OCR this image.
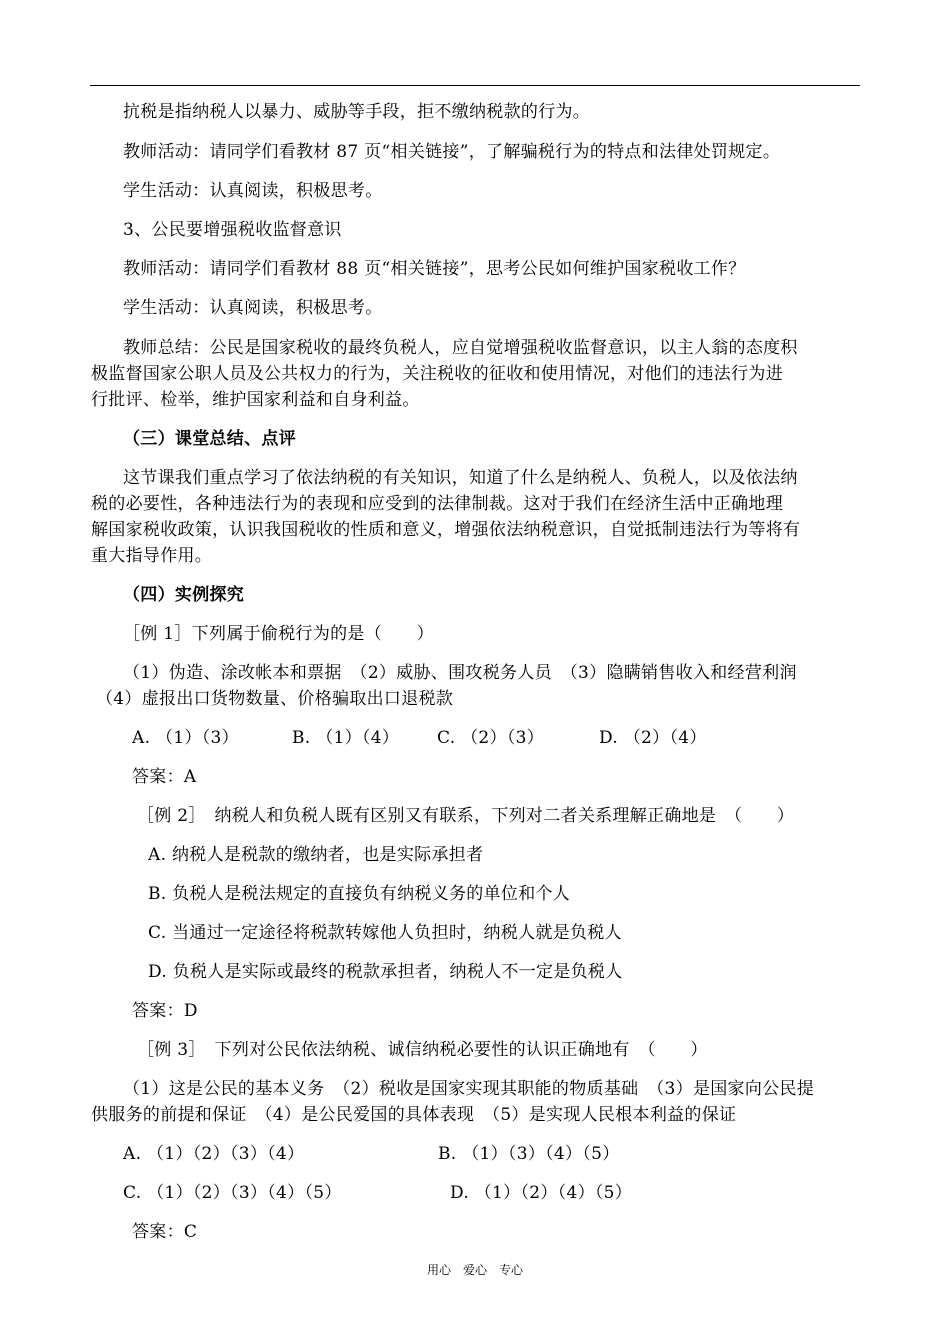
抗税是指纳税人以暴力、威胁等手段，拒不缴纳税款的行为。
教师活动：请同学们看教材 87 页“相关链接”，了解骗税行为的特点和法律处罚规定。
学生活动：认真阅读，积极思考。
3、公民要增强税收监督意识
教师活动：请同学们看教材 88 页“相关链接”，思考公民如何维护国家税收工作？
学生活动：认真阅读，积极思考。
教师总结：公民是国家税收的最终负税人，应自觉增强税收监督意识，以主人翁的态度积
极监督国家公职人员及公共权力的行为，关注税收的征收和使用情况，对他们的违法行为进
行批评、检举，维护国家利益和自身利益。
（三）课堂总结、点评
这节课我们重点学习了依法纳税的有关知识，知道了什么是纳税人、负税人，以及依法纳
税的必要性，各种违法行为的表现和应受到的法律制裁。这对于我们在经济生活中正确地理
解国家税收政策，认识我国税收的性质和意义，增强依法纳税意识，自觉抵制违法行为等将有
重大指导作用。
（四）实例探究
［例 1］下列属于偷税行为的是（　　）
（1）伪造、涂改帐本和票据　（2）威胁、围攻税务人员　（3）隐瞒销售收入和经营利润
（4）虚报出口货物数量、价格骗取出口退税款
A. （1）（3）	B. （1）（4） C. （2）（3）	D. （2）（4）
答案：A
［例 2］　纳税人和负税人既有区别又有联系，下列对二者关系理解正确地是　（　　）
A. 纳税人是税款的缴纳者，也是实际承担者
B. 负税人是税法规定的直接负有纳税义务的单位和个人
C. 当通过一定途径将税款转嫁他人负担时，纳税人就是负税人
D. 负税人是实际或最终的税款承担者，纳税人不一定是负税人
答案：D
［例 3］　下列对公民依法纳税、诚信纳税必要性的认识正确地有　（　　）
（1）这是公民的基本义务　（2）税收是国家实现其职能的物质基础　（3）是国家向公民提
供服务的前提和保证　（4）是公民爱国的具体表现　（5）是实现人民根本利益的保证
A. （1）（2）（3）（4）	B. （1）（3）（4）（5）
C. （1）（2）（3）（4）（5）	D. （1）（2）（4）（5）
答案：C
用心　爱心　专心
